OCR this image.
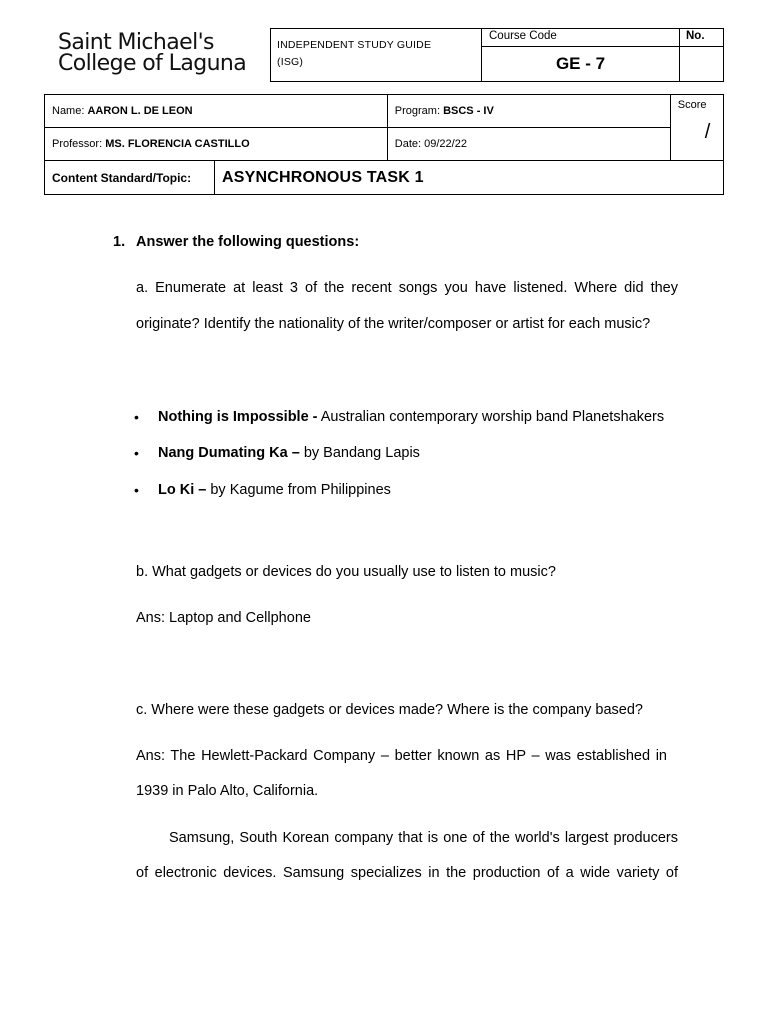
Saint Michael's
College of Laguna
INDEPENDENT STUDY GUIDE
(ISG)
Course Code
GE - 7
No.
Name: AARON L. DE LEON		Program: BSCS - IV	Score
/

Professor: MS. FLORENCIA CASTILLO		Date: 09/22/22	
Content Standard/Topic:	ASYNCHRONOUS TASK 1		
1. Answer the following questions:
a. Enumerate at least 3 of the recent songs you have listened. Where did they
originate? Identify the nationality of the writer/composer or artist for each music?
• Nothing is Impossible - Australian contemporary worship band Planetshakers
• Nang Dumating Ka – by Bandang Lapis
• Lo Ki – by Kagume from Philippines
b. What gadgets or devices do you usually use to listen to music?
Ans: Laptop and Cellphone
c. Where were these gadgets or devices made? Where is the company based?
Ans: The Hewlett-Packard Company – better known as HP – was established in
1939 in Palo Alto, California.
Samsung, South Korean company that is one of the world's largest producers
of electronic devices. Samsung specializes in the production of a wide variety of
